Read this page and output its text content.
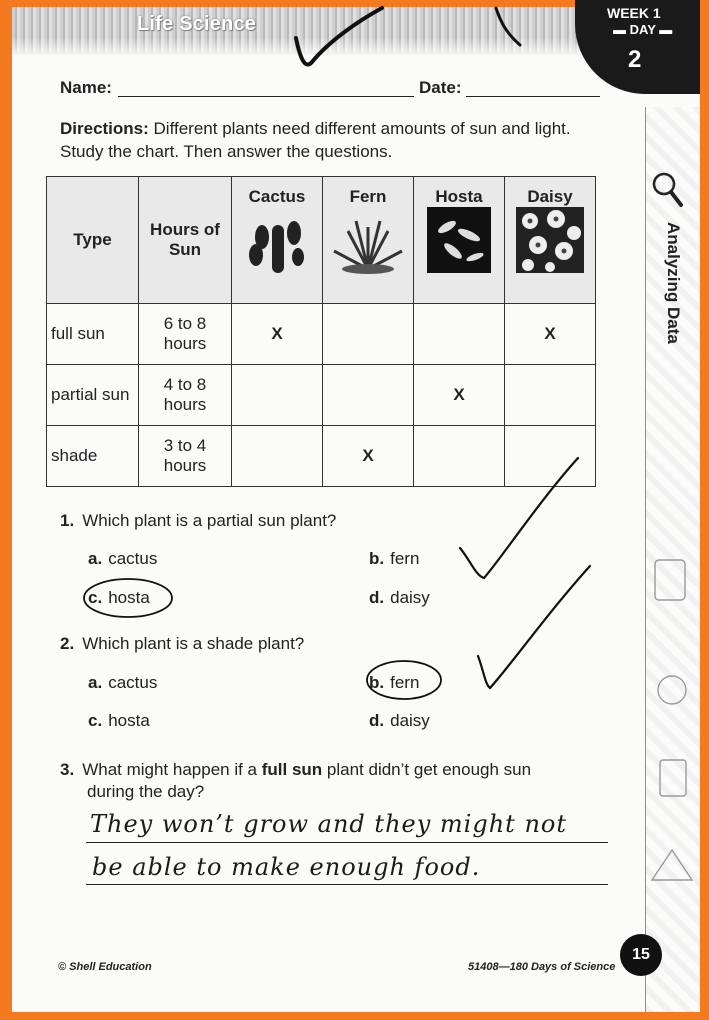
Life Science	WEEK 1
▬ DAY ▬
2
Analyzing Data
Name:	Date:
Directions: Different plants need different amounts of sun and light.
Study the chart. Then answer the questions.
Type	Hours of Sun	Cactus	Fern	Hosta	Daisy

full sun	6 to 8 hours	X			X
partial sun	4 to 8 hours			X	
shade	3 to 4 hours		X		
1. Which plant is a partial sun plant?
a. cactus	b. fern
c. hosta	d. daisy
2. Which plant is a shade plant?
a. cactus	b. fern
c. hosta	d. daisy
3. What might happen if a full sun plant didn’t get enough sun
during the day?
They won’t grow and they might not
be able to make enough food.
© Shell Education	51408—180 Days of Science
15
